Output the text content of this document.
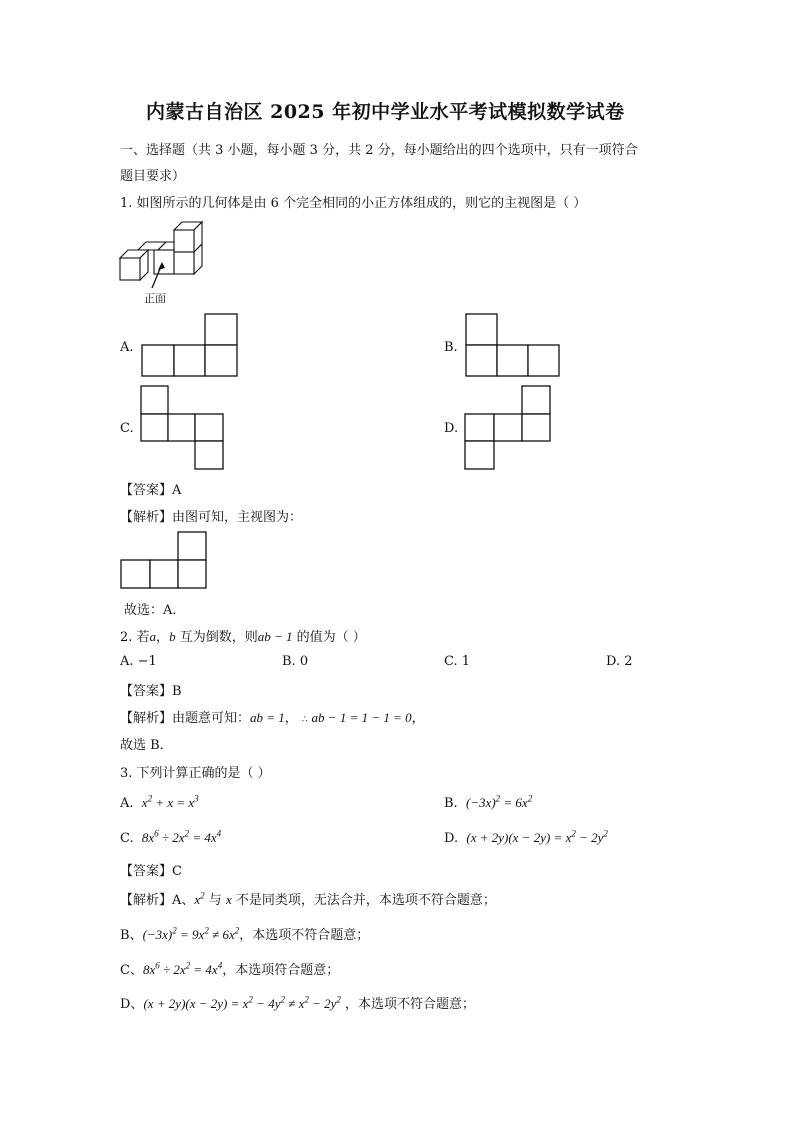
内蒙古自治区 2025 年初中学业水平考试模拟数学试卷
一、选择题（共 3 小题，每小题 3 分，共 2 分，每小题给出的四个选项中，只有一项符合
题目要求）
1. 如图所示的几何体是由 6 个完全相同的小正方体组成的，则它的主视图是（ ）
正面
A.	B.
C.	D.
【答案】A
【解析】由图可知，主视图为：
故选：A．
2. 若a，b 互为倒数，则ab − 1 的值为（ ）
A. −1	B. 0	C. 1	D. 2
【答案】B
【解析】由题意可知：ab = 1， ∴ ab − 1 = 1 − 1 = 0，
故选 B．
3. 下列计算正确的是（ ）
A. $x^2 + x = x^3$	B. $(-3x)^2 = 6x^2$
C. $8x^6 \div 2x^2 = 4x^4$	D. $(x + 2y)(x - 2y) = x^2 - 2y^2$
【答案】C
【解析】A、$x^2$ 与 x 不是同类项，无法合并，本选项不符合题意；
B、$(-3x)^2 = 9x^2 \ne 6x^2$，本选项不符合题意；
C、$8x^6 \div 2x^2 = 4x^4$，本选项符合题意；
D、$(x + 2y)(x - 2y) = x^2 - 4y^2 \ne x^2 - 2y^2$ ，本选项不符合题意；
